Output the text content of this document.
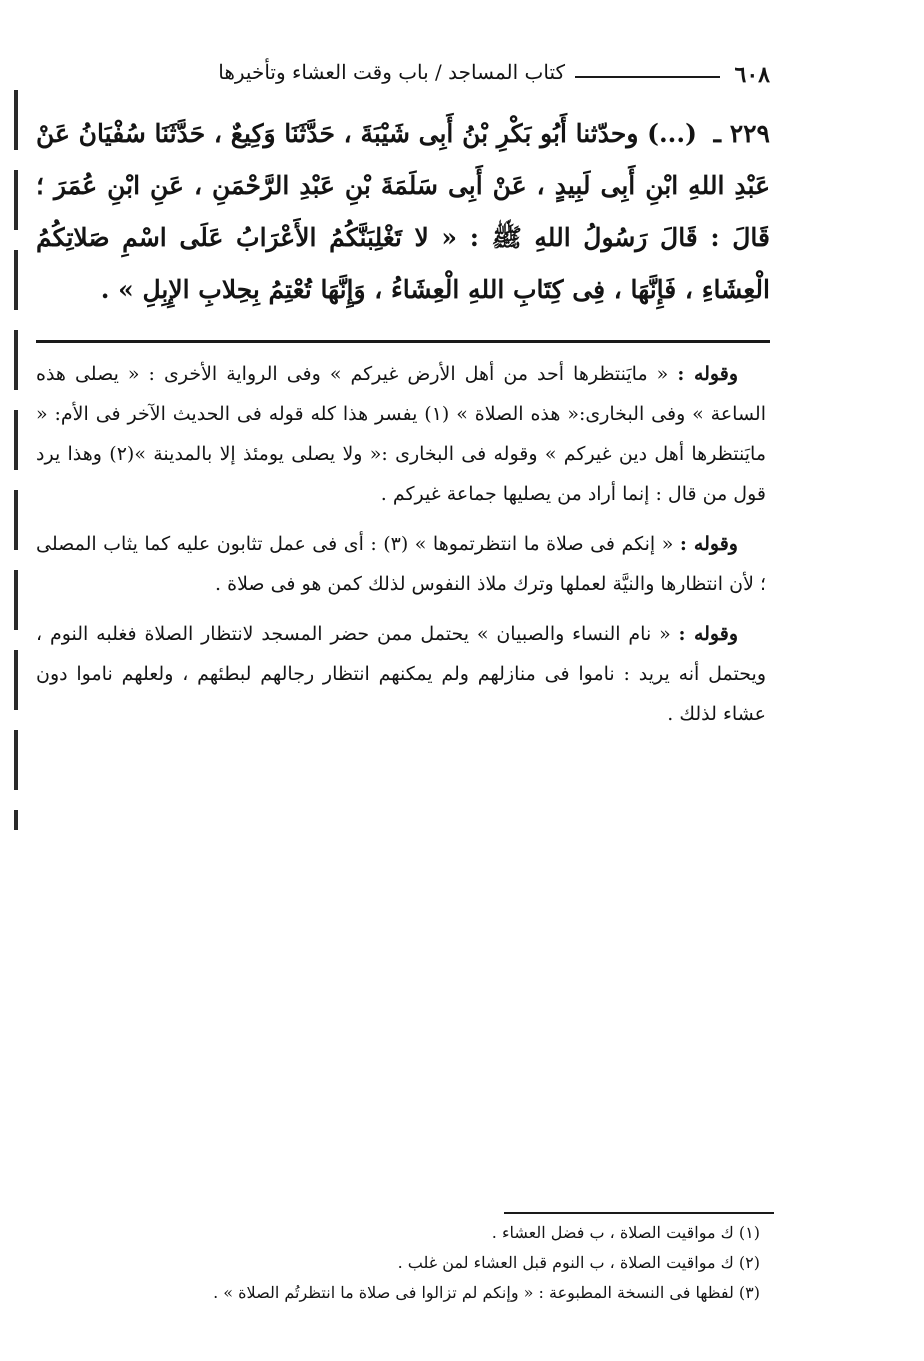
٦٠٨
كتاب المساجد / باب وقت العشاء وتأخيرها
٢٢٩ ـ (...) وحدّثنا أَبُو بَكْرِ بْنُ أَبِى شَيْبَةَ ، حَدَّثَنَا وَكِيعٌ ، حَدَّثَنَا سُفْيَانُ عَنْ عَبْدِ اللهِ ابْنِ أَبِى لَبِيدٍ ، عَنْ أَبِى سَلَمَةَ بْنِ عَبْدِ الرَّحْمَنِ ، عَنِ ابْنِ عُمَرَ ؛ قَالَ : قَالَ رَسُولُ اللهِ ﷺ : « لا تَغْلِبَنَّكُمُ الأَعْرَابُ عَلَى اسْمِ صَلاتِكُمُ الْعِشَاءِ ، فَإِنَّهَا ، فِى كِتَابِ اللهِ الْعِشَاءُ ، وَإِنَّهَا تُعْتِمُ بِحِلابِ الإِبِلِ » .

وقوله : « مايَنتظرها أحد من أهل الأرض غيركم » وفى الرواية الأخرى : « يصلى هذه الساعة » وفى البخارى:« هذه الصلاة » (١) يفسر هذا كله قوله فى الحديث الآخر فى الأم: « مايَنتظرها أهل دين غيركم » وقوله فى البخارى :« ولا يصلى يومئذ إلا بالمدينة »(٢) وهذا يرد قول من قال : إنما أراد من يصليها جماعة غيركم .

وقوله : « إنكم فى صلاة ما انتظرتموها » (٣) : أى فى عمل تثابون عليه كما يثاب المصلى ؛ لأن انتظارها والنيَّة لعملها وترك ملاذ النفوس لذلك كمن هو فى صلاة .

وقوله : « نام النساء والصبيان » يحتمل ممن حضر المسجد لانتظار الصلاة فغلبه النوم ، ويحتمل أنه يريد : ناموا فى منازلهم ولم يمكنهم انتظار رجالهم لبطئهم ، ولعلهم ناموا دون عشاء لذلك .

(١) ك مواقيت الصلاة ، ب فضل العشاء .
(٢) ك مواقيت الصلاة ، ب النوم قبل العشاء لمن غلب .
(٣) لفظها فى النسخة المطبوعة : « وإنكم لم تزالوا فى صلاة ما انتظرتُم الصلاة » .
